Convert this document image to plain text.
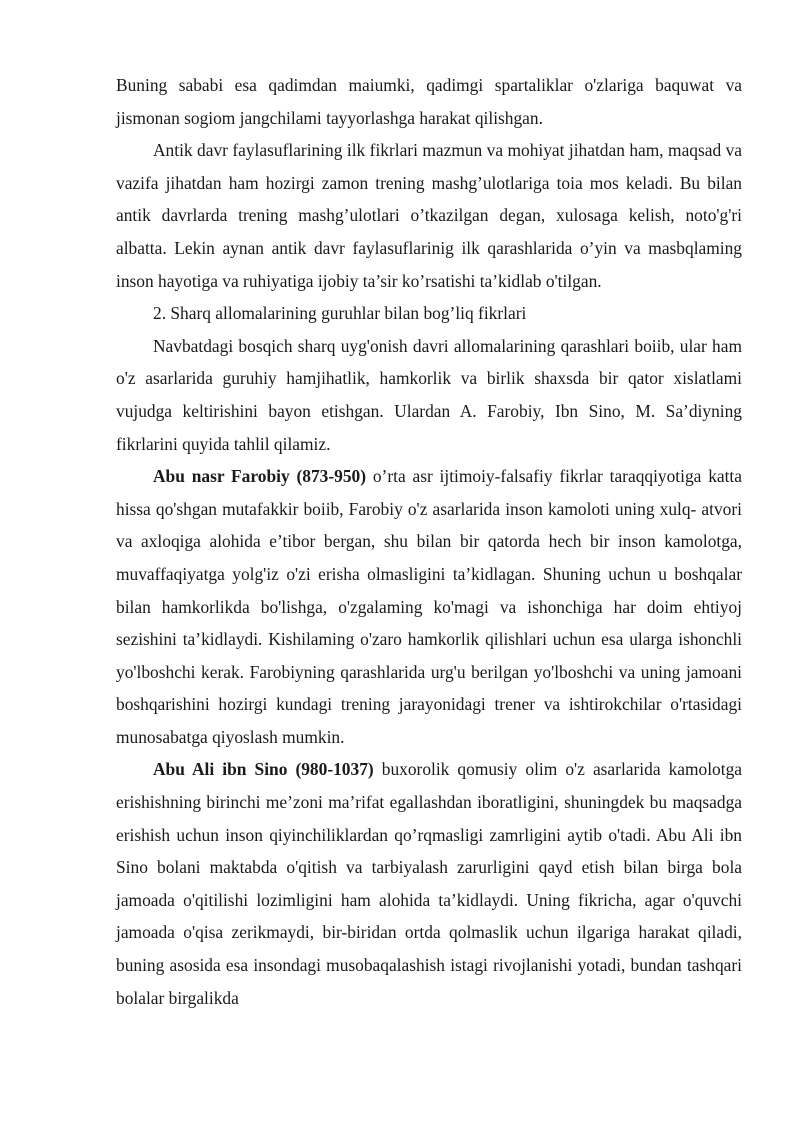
Buning sababi esa qadimdan maiumki, qadimgi spartaliklar o'zlariga baquwat va jismonan sogiom jangchilami tayyorlashga harakat qilishgan.

Antik davr faylasuflarining ilk fikrlari mazmun va mohiyat jihatdan ham, maqsad va vazifa jihatdan ham hozirgi zamon trening mashg’ulotlariga toia mos keladi. Bu bilan antik davrlarda trening mashg’ulotlari o’tkazilgan degan, xulosaga kelish, noto'g'ri albatta. Lekin aynan antik davr faylasuflarinig ilk qarashlarida o’yin va masbqlaming inson hayotiga va ruhiyatiga ijobiy ta’sir ko’rsatishi ta’kidlab o'tilgan.

2. Sharq allomalarining guruhlar bilan bog’liq fikrlari

Navbatdagi bosqich sharq uyg'onish davri allomalarining qarashlari boiib, ular ham o'z asarlarida guruhiy hamjihatlik, hamkorlik va birlik shaxsda bir qator xislatlami vujudga keltirishini bayon etishgan. Ulardan A. Farobiy, Ibn Sino, M. Sa’diyning fikrlarini quyida tahlil qilamiz.

Abu nasr Farobiy (873-950) o’rta asr ijtimoiy-falsafiy fikrlar taraqqiyotiga katta hissa qo'shgan mutafakkir boiib, Farobiy o'z asarlarida inson kamoloti uning xulq- atvori va axloqiga alohida e’tibor bergan, shu bilan bir qatorda hech bir inson kamolotga, muvaffaqiyatga yolg'iz o'zi erisha olmasligini ta’kidlagan. Shuning uchun u boshqalar bilan hamkorlikda bo'lishga, o'zgalaming ko'magi va ishonchiga har doim ehtiyoj sezishini ta’kidlaydi. Kishilaming o'zaro hamkorlik qilishlari uchun esa ularga ishonchli yo'lboshchi kerak. Farobiyning qarashlarida urg'u berilgan yo'lboshchi va uning jamoani boshqarishini hozirgi kundagi trening jarayonidagi trener va ishtirokchilar o'rtasidagi munosabatga qiyoslash mumkin.

Abu Ali ibn Sino (980-1037) buxorolik qomusiy olim o'z asarlarida kamolotga erishishning birinchi me’zoni ma’rifat egallashdan iboratligini, shuningdek bu maqsadga erishish uchun inson qiyinchiliklardan qo’rqmasligi zamrligini aytib o'tadi. Abu Ali ibn Sino bolani maktabda o'qitish va tarbiyalash zarurligini qayd etish bilan birga bola jamoada o'qitilishi lozimligini ham alohida ta’kidlaydi. Uning fikricha, agar o'quvchi jamoada o'qisa zerikmaydi, bir-biridan ortda qolmaslik uchun ilgariga harakat qiladi, buning asosida esa insondagi musobaqalashish istagi rivojlanishi yotadi, bundan tashqari bolalar birgalikda
